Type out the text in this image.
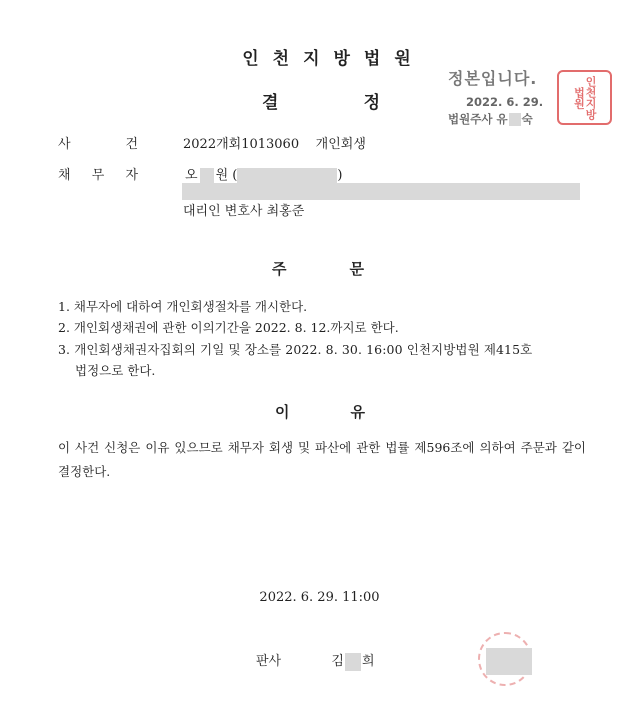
인천지방법원
결	정
정본입니다.
2022. 6. 29.
법원주사 유 숙	인천지방법원
사	건	2022개회1013060 개인회생
채 무 자	오 원 (	)
대리인 변호사 최홍준
주	문
1. 채무자에 대하여 개인회생절차를 개시한다.
2. 개인회생채권에 관한 이의기간을 2022. 8. 12.까지로 한다.
3. 개인회생채권자집회의 기일 및 장소를 2022. 8. 30. 16:00 인천지방법원 제415호
법정으로 한다.
이	유
이 사건 신청은 이유 있으므로 채무자 회생 및 파산에 관한 법률 제596조에 의하여 주문과 같이 결정한다.
2022. 6. 29. 11:00
판사	김 희
